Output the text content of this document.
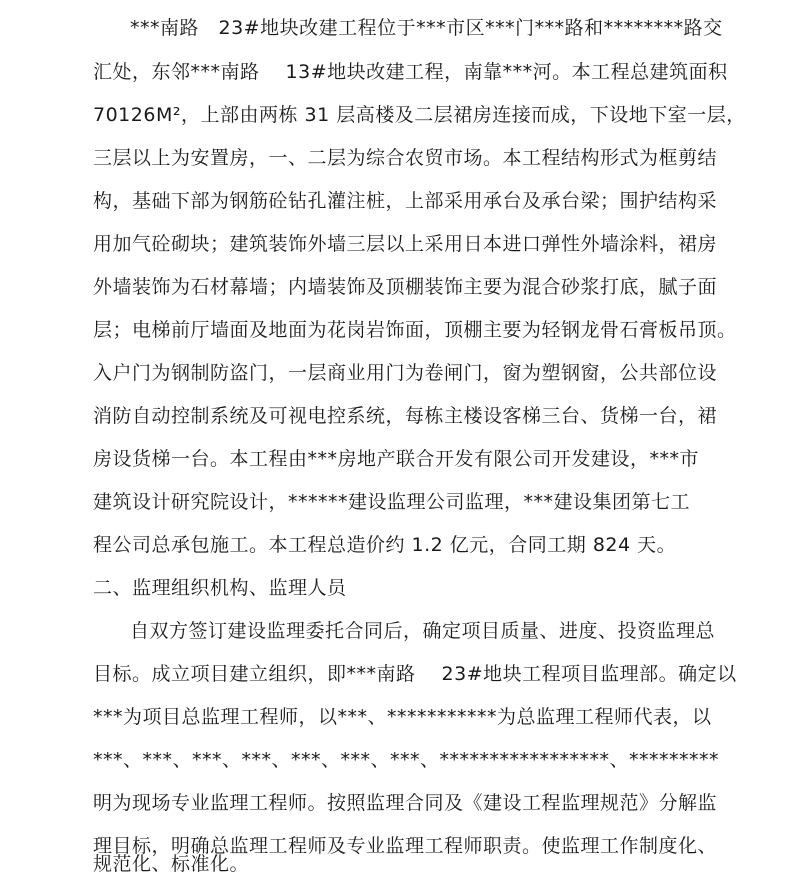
***南路　23#地块改建工程位于***市区***门***路和********路交
汇处，东邻***南路　 13#地块改建工程，南靠***河。本工程总建筑面积
70126M²，上部由两栋 31 层高楼及二层裙房连接而成，下设地下室一层，
三层以上为安置房，一、二层为综合农贸市场。本工程结构形式为框剪结
构，基础下部为钢筋砼钻孔灌注桩，上部采用承台及承台梁；围护结构采
用加气砼砌块；建筑装饰外墙三层以上采用日本进口弹性外墙涂料，裙房
外墙装饰为石材幕墙；内墙装饰及顶棚装饰主要为混合砂浆打底，腻子面
层；电梯前厅墙面及地面为花岗岩饰面，顶棚主要为轻钢龙骨石膏板吊顶。
入户门为钢制防盗门，一层商业用门为卷闸门，窗为塑钢窗，公共部位设
消防自动控制系统及可视电控系统，每栋主楼设客梯三台、货梯一台，裙
房设货梯一台。本工程由***房地产联合开发有限公司开发建设，***市
建筑设计研究院设计，******建设监理公司监理，***建设集团第七工
程公司总承包施工。本工程总造价约 1.2 亿元，合同工期 824 天。
二、监理组织机构、监理人员
自双方签订建设监理委托合同后，确定项目质量、进度、投资监理总
目标。成立项目建立组织，即***南路　 23#地块工程项目监理部。确定以
***为项目总监理工程师，以***、***********为总监理工程师代表，以
***、***、***、***、***、***、***、*****************、*********
明为现场专业监理工程师。按照监理合同及《建设工程监理规范》分解监
理目标，明确总监理工程师及专业监理工程师职责。使监理工作制度化、
规范化、标准化。
